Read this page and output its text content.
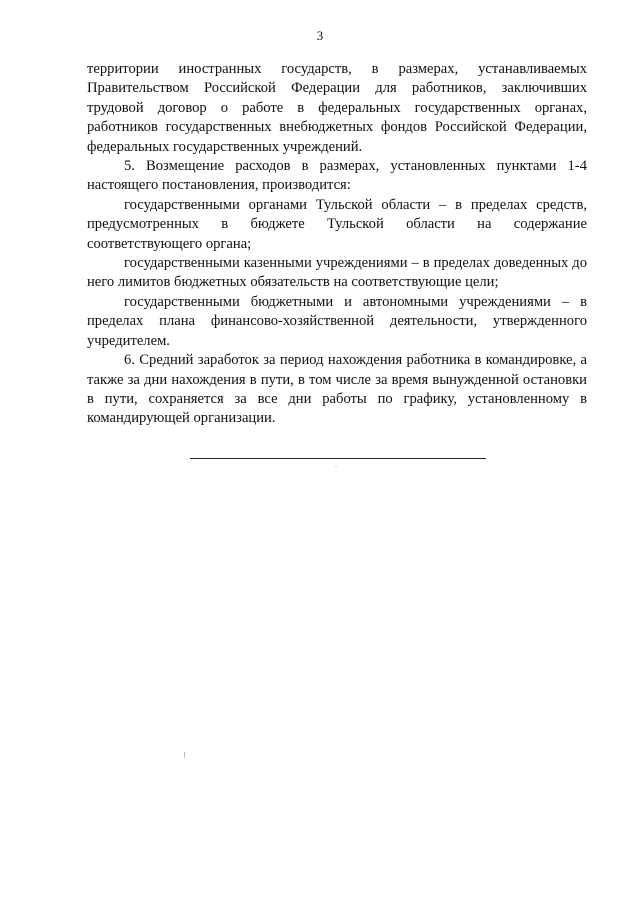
3

территории иностранных государств, в размерах, устанавливаемых Правительством Российской Федерации для работников, заключивших трудовой договор о работе в федеральных государственных органах, работников государственных внебюджетных фондов Российской Федерации, федеральных государственных учреждений.

5. Возмещение расходов в размерах, установленных пунктами 1-4 настоящего постановления, производится:

государственными органами Тульской области – в пределах средств, предусмотренных в бюджете Тульской области на содержание соответствующего органа;

государственными казенными учреждениями – в пределах доведенных до него лимитов бюджетных обязательств на соответствующие цели;

государственными бюджетными и автономными учреждениями – в пределах плана финансово-хозяйственной деятельности, утвержденного учредителем.

6. Средний заработок за период нахождения работника в командировке, а также за дни нахождения в пути, в том числе за время вынужденной остановки в пути, сохраняется за все дни работы по графику, установленному в командирующей организации.
